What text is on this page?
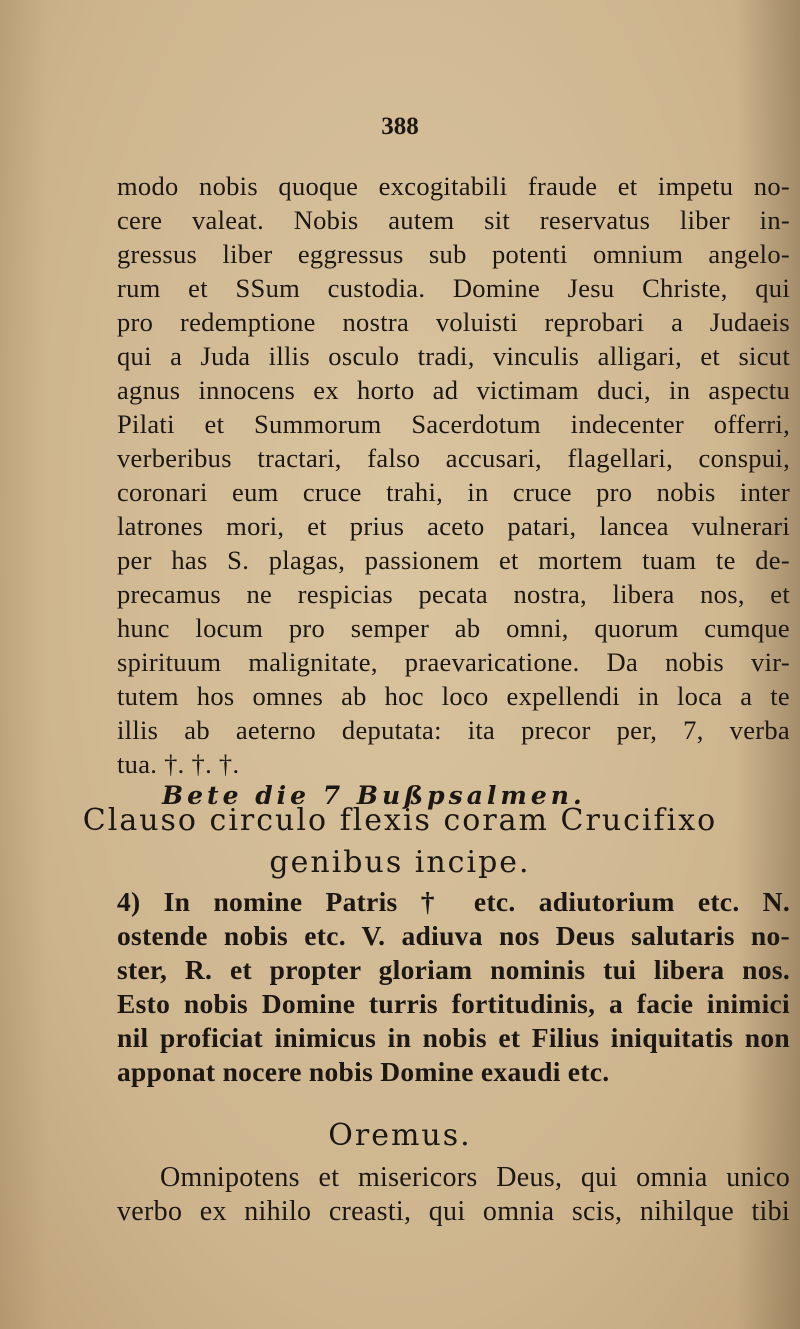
388
modo nobis quoque excogitabili fraude et impetu no-
cere valeat. Nobis autem sit reservatus liber in-
gressus liber eggressus sub potenti omnium angelo-
rum et SSum custodia. Domine Jesu Christe, qui
pro redemptione nostra voluisti reprobari a Judaeis
qui a Juda illis osculo tradi, vinculis alligari, et sicut
agnus innocens ex horto ad victimam duci, in aspectu
Pilati et Summorum Sacerdotum indecenter offerri,
verberibus tractari, falso accusari, flagellari, conspui,
coronari eum cruce trahi, in cruce pro nobis inter
latrones mori, et prius aceto patari, lancea vulnerari
per has S. plagas, passionem et mortem tuam te de-
precamus ne respicias pecata nostra, libera nos, et
hunc locum pro semper ab omni, quorum cumque
spirituum malignitate, praevaricatione. Da nobis vir-
tutem hos omnes ab hoc loco expellendi in loca a te
illis ab aeterno deputata: ita precor per, 7, verba
tua. †. †. †.
Bete die 7 Bußpsalmen.
Clauso circulo flexis coram Crucifixo
genibus incipe.
4) In nomine Patris † etc. adiutorium etc. N.
ostende nobis etc. V. adiuva nos Deus salutaris no-
ster, R. et propter gloriam nominis tui libera nos.
Esto nobis Domine turris fortitudinis, a facie inimici
nil proficiat inimicus in nobis et Filius iniquitatis non
apponat nocere nobis Domine exaudi etc.
Oremus.
Omnipotens et misericors Deus, qui omnia unico
verbo ex nihilo creasti, qui omnia scis, nihilque tibi
